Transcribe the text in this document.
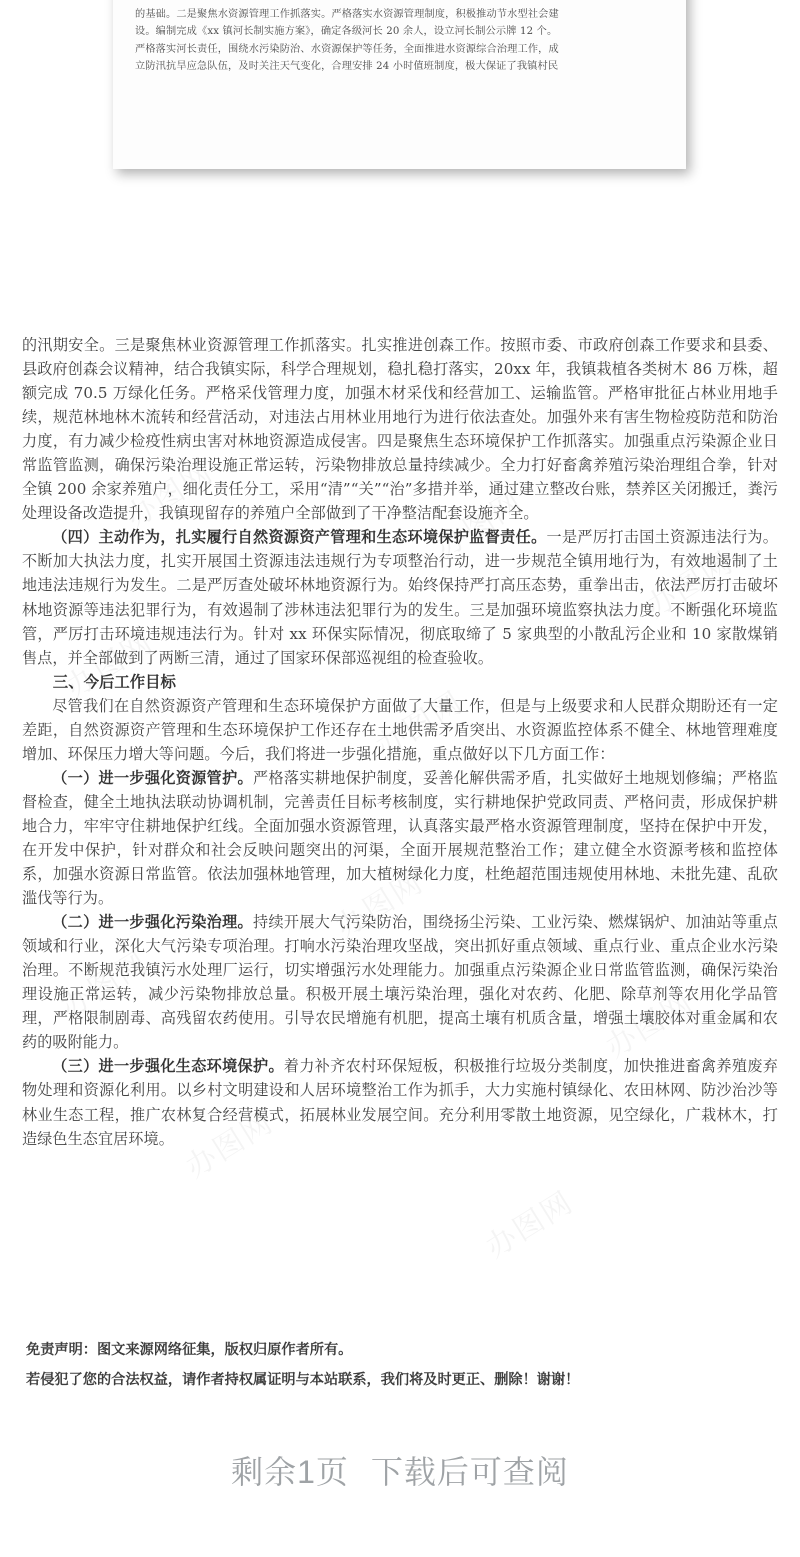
的基础。二是聚焦水资源管理工作抓落实。严格落实水资源管理制度，积极推动节水型社会建
设。编制完成《xx 镇河长制实施方案》，确定各级河长 20 余人，设立河长制公示牌 12 个。
严格落实河长责任，围绕水污染防治、水资源保护等任务，全面推进水资源综合治理工作，成
立防汛抗旱应急队伍，及时关注天气变化，合理安排 24 小时值班制度，极大保证了我镇村民

的汛期安全。三是聚焦林业资源管理工作抓落实。扎实推进创森工作。按照市委、市政府创森工作要求和县委、县政府创森会议精神，结合我镇实际，科学合理规划，稳扎稳打落实，20xx 年，我镇栽植各类树木 86 万株，超额完成 70.5 万绿化任务。严格采伐管理力度，加强木材采伐和经营加工、运输监管。严格审批征占林业用地手续，规范林地林木流转和经营活动，对违法占用林业用地行为进行依法查处。加强外来有害生物检疫防范和防治力度，有力减少检疫性病虫害对林地资源造成侵害。四是聚焦生态环境保护工作抓落实。加强重点污染源企业日常监管监测，确保污染治理设施正常运转，污染物排放总量持续减少。全力打好畜禽养殖污染治理组合拳，针对全镇 200 余家养殖户，细化责任分工，采用“清”“关”“治”多措并举，通过建立整改台账，禁养区关闭搬迁，粪污处理设备改造提升，我镇现留存的养殖户全部做到了干净整洁配套设施齐全。

（四）主动作为，扎实履行自然资源资产管理和生态环境保护监督责任。一是严厉打击国土资源违法行为。不断加大执法力度，扎实开展国土资源违法违规行为专项整治行动，进一步规范全镇用地行为，有效地遏制了土地违法违规行为发生。二是严厉查处破坏林地资源行为。始终保持严打高压态势，重拳出击，依法严厉打击破坏林地资源等违法犯罪行为，有效遏制了涉林违法犯罪行为的发生。三是加强环境监察执法力度。不断强化环境监管，严厉打击环境违规违法行为。针对 xx 环保实际情况，彻底取缔了 5 家典型的小散乱污企业和 10 家散煤销售点，并全部做到了两断三清，通过了国家环保部巡视组的检查验收。

三、今后工作目标

尽管我们在自然资源资产管理和生态环境保护方面做了大量工作，但是与上级要求和人民群众期盼还有一定差距，自然资源资产管理和生态环境保护工作还存在土地供需矛盾突出、水资源监控体系不健全、林地管理难度增加、环保压力增大等问题。今后，我们将进一步强化措施，重点做好以下几方面工作：

（一）进一步强化资源管护。严格落实耕地保护制度，妥善化解供需矛盾，扎实做好土地规划修编；严格监督检查，健全土地执法联动协调机制，完善责任目标考核制度，实行耕地保护党政同责、严格问责，形成保护耕地合力，牢牢守住耕地保护红线。全面加强水资源管理，认真落实最严格水资源管理制度，坚持在保护中开发，在开发中保护，针对群众和社会反映问题突出的河渠，全面开展规范整治工作；建立健全水资源考核和监控体系，加强水资源日常监管。依法加强林地管理，加大植树绿化力度，杜绝超范围违规使用林地、未批先建、乱砍滥伐等行为。

（二）进一步强化污染治理。持续开展大气污染防治，围绕扬尘污染、工业污染、燃煤锅炉、加油站等重点领域和行业，深化大气污染专项治理。打响水污染治理攻坚战，突出抓好重点领域、重点行业、重点企业水污染治理。不断规范我镇污水处理厂运行，切实增强污水处理能力。加强重点污染源企业日常监管监测，确保污染治理设施正常运转，减少污染物排放总量。积极开展土壤污染治理，强化对农药、化肥、除草剂等农用化学品管理，严格限制剧毒、高残留农药使用。引导农民增施有机肥，提高土壤有机质含量，增强土壤胶体对重金属和农药的吸附能力。

（三）进一步强化生态环境保护。着力补齐农村环保短板，积极推行垃圾分类制度，加快推进畜禽养殖废弃物处理和资源化利用。以乡村文明建设和人居环境整治工作为抓手，大力实施村镇绿化、农田林网、防沙治沙等林业生态工程，推广农林复合经营模式，拓展林业发展空间。充分利用零散土地资源，见空绿化，广栽林木，打造绿色生态宜居环境。

免责声明：图文来源网络征集，版权归原作者所有。

若侵犯了您的合法权益，请作者持权属证明与本站联系，我们将及时更正、删除！谢谢！

剩余1页 下载后可查阅
